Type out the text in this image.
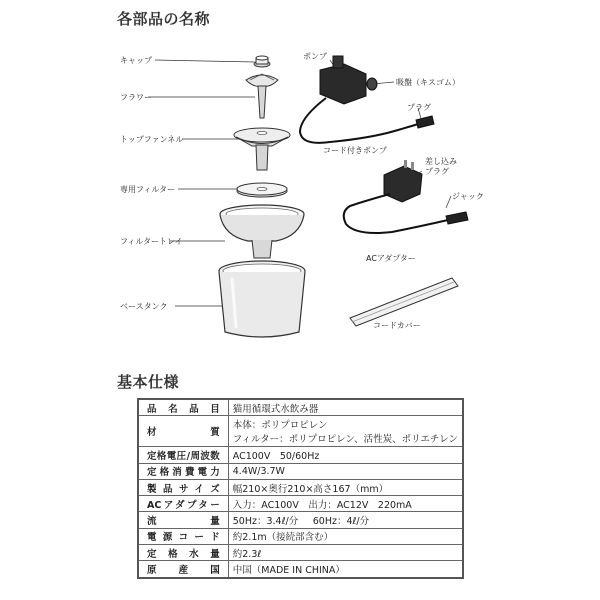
各部品の名称
キャップ
フラワー
トップファンネル
専用フィルター
フィルタートレイ
ベースタンク
ポンプ
吸盤（キスゴム）
プラグ
コード付きポンプ
差し込み
プラグ
ジャック
ACアダプター
コードカバー
基本仕様
品名品目	猫用循環式水飲み器
材質	本体：ポリプロピレン
フィルター：ポリプロピレン、活性炭、ポリエチレン

定格電圧/周波数	AC100V　50/60Hz
定格消費電力	4.4W/3.7W
製品サイズ	幅210×奥行210×高さ167（mm）
ACアダプター	入力：AC100V　出力：AC12V　220mA
流量	50Hz：3.4ℓ/分 60Hz：4ℓ/分
電源コード	約2.1m（接続部含む）
定格水量	約2.3ℓ
原産国	中国（MADE IN CHINA）
